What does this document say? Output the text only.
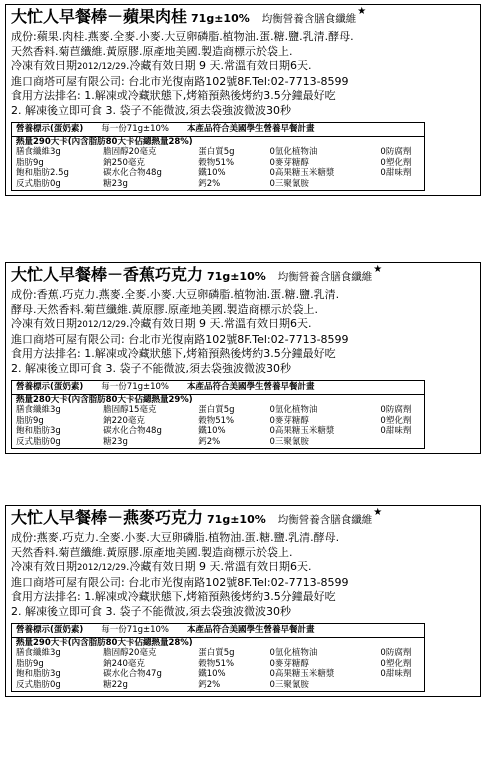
大忙人早餐棒－蘋果肉桂 71g±10% 均衡營養含膳食纖維
★
成份:蘋果.肉桂.燕麥.全麥.小麥.大豆卵磷脂.植物油.蛋.糖.鹽.乳清.酵母.
天然香料.菊苣纖維.黃原膠.原產地美國.製造商標示於袋上.
冷凍有效日期2012/12/29.冷藏有效日期 9 天.常溫有效日期6天.
進口商塔可屋有限公司: 台北市光復南路102號8F.Tel:02-7713-8599
食用方法排名: 1.解凍或冷藏狀態下,烤箱預熱後烤約3.5分鐘最好吃
2. 解凍後立即可食 3. 袋子不能微波,須去袋強波微波30秒
營養標示(蛋奶素) 每一份71g±10% 本產品符合美國學生營養早餐計畫
熱量290大卡(內含脂肪80大卡佔總熱量28%)
膳食纖維3g	膽固醇20毫克	蛋白質5g	0氫化植物油	0防腐劑
脂肪9g	鈉250毫克	穀物51%	0麥芽糖醇	0塑化劑
飽和脂肪2.5g	碳水化合物48g	鐵10%	0高果糖玉米糖漿	0甜味劑
反式脂肪0g	糖23g	鈣2%	0三聚氰胺
大忙人早餐棒－香蕉巧克力 71g±10% 均衡營養含膳食纖維
★
成份:香蕉.巧克力.燕麥.全麥.小麥.大豆卵磷脂.植物油.蛋.糖.鹽.乳清.
酵母.天然香料.菊苣纖維.黃原膠.原產地美國.製造商標示於袋上.
冷凍有效日期2012/12/29.冷藏有效日期 9 天.常溫有效日期6天.
進口商塔可屋有限公司: 台北市光復南路102號8F.Tel:02-7713-8599
食用方法排名: 1.解凍或冷藏狀態下,烤箱預熱後烤約3.5分鐘最好吃
2. 解凍後立即可食 3. 袋子不能微波,須去袋強波微波30秒
營養標示(蛋奶素) 每一份71g±10% 本產品符合美國學生營養早餐計畫
熱量280大卡(內含脂肪80大卡佔總熱量29%)
膳食纖維3g	膽固醇15毫克	蛋白質5g	0氫化植物油	0防腐劑
脂肪9g	鈉220毫克	穀物51%	0麥芽糖醇	0塑化劑
飽和脂肪3g	碳水化合物48g	鐵10%	0高果糖玉米糖漿	0甜味劑
反式脂肪0g	糖23g	鈣2%	0三聚氰胺
大忙人早餐棒－燕麥巧克力 71g±10% 均衡營養含膳食纖維
★
成份:燕麥.巧克力.全麥.小麥.大豆卵磷脂.植物油.蛋.糖.鹽.乳清.酵母.
天然香料.菊苣纖維.黃原膠.原產地美國.製造商標示於袋上.
冷凍有效日期2012/12/29.冷藏有效日期 9 天.常溫有效日期6天.
進口商塔可屋有限公司: 台北市光復南路102號8F.Tel:02-7713-8599
食用方法排名: 1.解凍或冷藏狀態下,烤箱預熱後烤約3.5分鐘最好吃
2. 解凍後立即可食 3. 袋子不能微波,須去袋強波微波30秒
營養標示(蛋奶素) 每一份71g±10% 本產品符合美國學生營養早餐計畫
熱量290大卡(內含脂肪80大卡佔總熱量28%)
膳食纖維3g	膽固醇20毫克	蛋白質5g	0氫化植物油	0防腐劑
脂肪9g	鈉240毫克	穀物51%	0麥芽糖醇	0塑化劑
飽和脂肪3g	碳水化合物47g	鐵10%	0高果糖玉米糖漿	0甜味劑
反式脂肪0g	糖22g	鈣2%	0三聚氰胺
